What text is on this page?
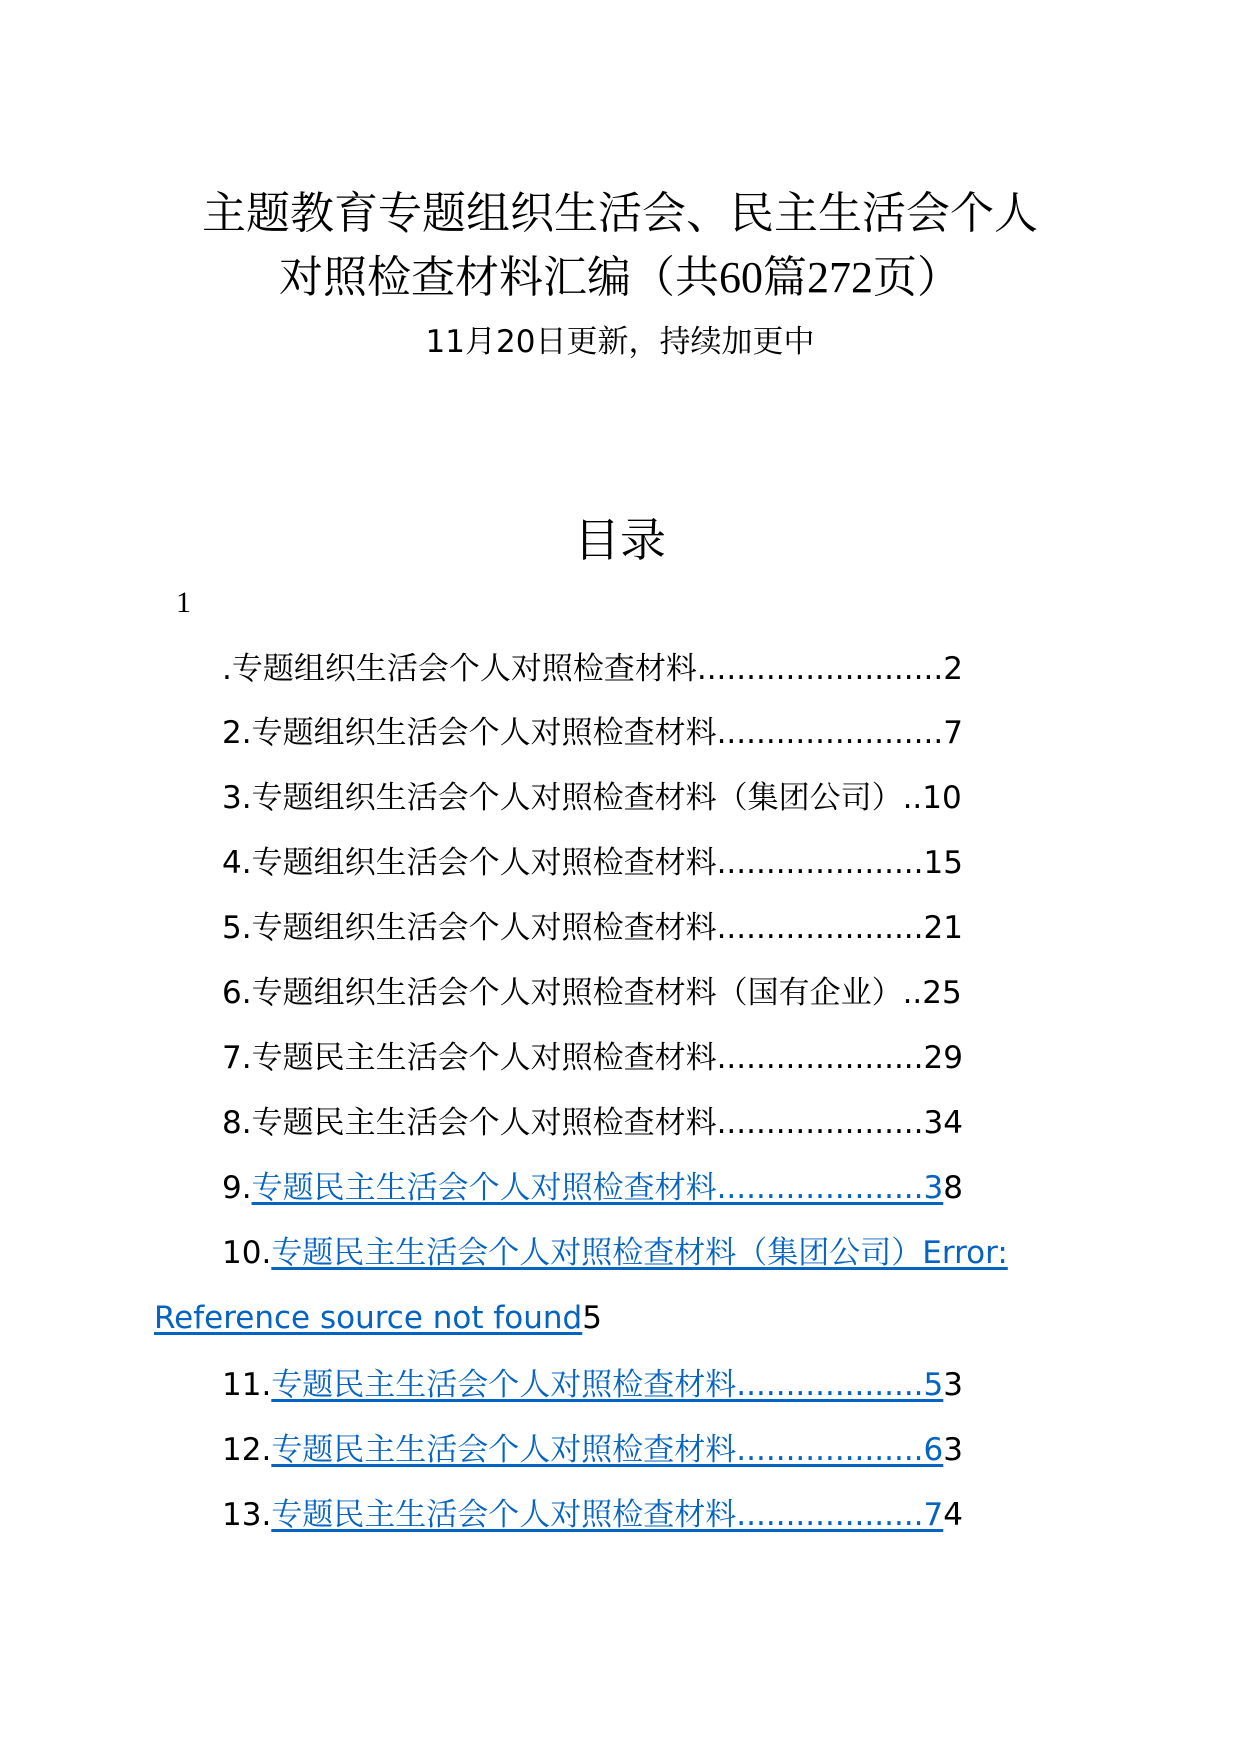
主题教育专题组织生活会、民主生活会个人
对照检查材料汇编（共60篇272页）
11月20日更新，持续加更中
目录
1
.专题组织生活会个人对照检查材料.........................2
2.专题组织生活会个人对照检查材料.......................7
3.专题组织生活会个人对照检查材料（集团公司）..10
4.专题组织生活会个人对照检查材料.....................15
5.专题组织生活会个人对照检查材料.....................21
6.专题组织生活会个人对照检查材料（国有企业）..25
7.专题民主生活会个人对照检查材料.....................29
8.专题民主生活会个人对照检查材料.....................34
9.专题民主生活会个人对照检查材料.....................38
10.专题民主生活会个人对照检查材料（集团公司）Error:
Reference source not found5
11.专题民主生活会个人对照检查材料...................53
12.专题民主生活会个人对照检查材料...................63
13.专题民主生活会个人对照检查材料...................74
